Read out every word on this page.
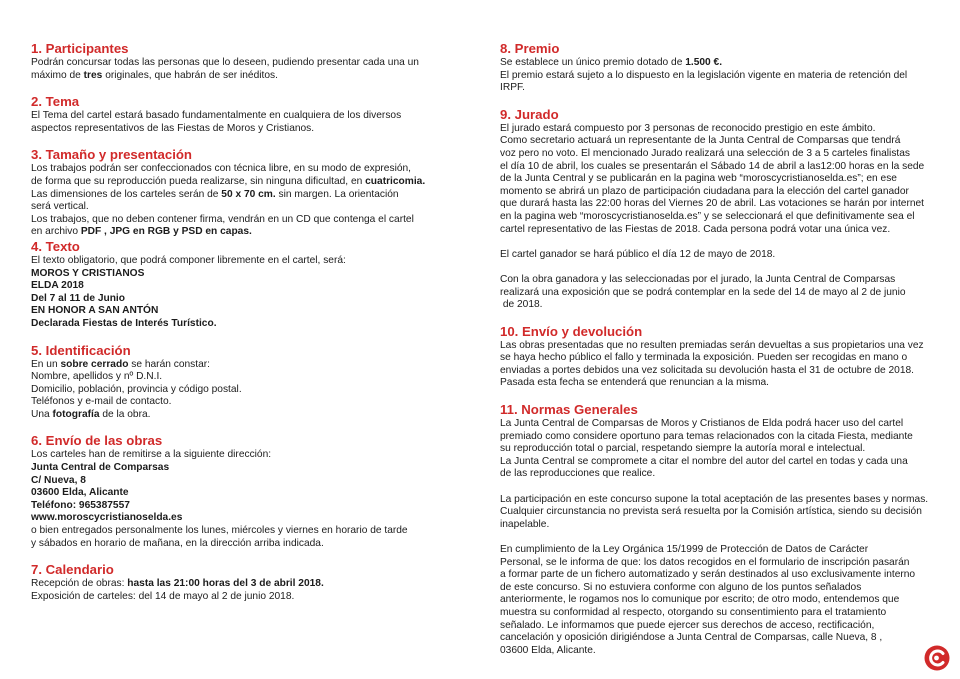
1. Participantes
Podrán concursar todas las personas que lo deseen, pudiendo presentar cada una un
máximo de tres originales, que habrán de ser inéditos.
2. Tema
El Tema del cartel estará basado fundamentalmente en cualquiera de los diversos
aspectos representativos de las Fiestas de Moros y Cristianos.
3. Tamaño y presentación
Los trabajos podrán ser confeccionados con técnica libre, en su modo de expresión,
de forma que su reproducción pueda realizarse, sin ninguna dificultad, en cuatricomia.
Las dimensiones de los carteles serán de 50 x 70 cm. sin margen. La orientación
será vertical.
Los trabajos, que no deben contener firma, vendrán en un CD que contenga el cartel
en archivo PDF , JPG en RGB y PSD en capas.
4. Texto
El texto obligatorio, que podrá componer libremente en el cartel, será:
MOROS Y CRISTIANOS
ELDA 2018
Del 7 al 11 de Junio
EN HONOR A SAN ANTÓN
Declarada Fiestas de Interés Turístico.
5. Identificación
En un sobre cerrado se harán constar:
Nombre, apellidos y nº D.N.I.
Domicilio, población, provincia y código postal.
Teléfonos y e-mail de contacto.
Una fotografía de la obra.
6. Envío de las obras
Los carteles han de remitirse a la siguiente dirección:
Junta Central de Comparsas
C/ Nueva, 8
03600 Elda, Alicante
Teléfono: 965387557
www.moroscycristianoselda.es
o bien entregados personalmente los lunes, miércoles y viernes en horario de tarde
y sábados en horario de mañana, en la dirección arriba indicada.
7. Calendario
Recepción de obras: hasta las 21:00 horas del 3 de abril 2018.
Exposición de carteles: del 14 de mayo al 2 de junio 2018.
8. Premio
Se establece un único premio dotado de 1.500 €.
El premio estará sujeto a lo dispuesto en la legislación vigente en materia de retención del
IRPF.
9. Jurado
El jurado estará compuesto por 3 personas de reconocido prestigio en este ámbito.
Como secretario actuará un representante de la Junta Central de Comparsas que tendrá
voz pero no voto. El mencionado Jurado realizará una selección de 3 a 5 carteles finalistas
el día 10 de abril, los cuales se presentarán el Sábado 14 de abril a las12:00 horas en la sede
de la Junta Central y se publicarán en la pagina web “moroscycristianoselda.es”; en ese
momento se abrirá un plazo de participación ciudadana para la elección del cartel ganador
que durará hasta las 22:00 horas del Viernes 20 de abril. Las votaciones se harán por internet
en la pagina web “moroscycristianoselda.es” y se seleccionará el que definitivamente sea el
cartel representativo de las Fiestas de 2018. Cada persona podrá votar una única vez.
El cartel ganador se hará público el día 12 de mayo de 2018.
Con la obra ganadora y las seleccionadas por el jurado, la Junta Central de Comparsas
realizará una exposición que se podrá contemplar en la sede del 14 de mayo al 2 de junio
de 2018.
10. Envío y devolución
Las obras presentadas que no resulten premiadas serán devueltas a sus propietarios una vez
se haya hecho público el fallo y terminada la exposición. Pueden ser recogidas en mano o
enviadas a portes debidos una vez solicitada su devolución hasta el 31 de octubre de 2018.
Pasada esta fecha se entenderá que renuncian a la misma.
11. Normas Generales
La Junta Central de Comparsas de Moros y Cristianos de Elda podrá hacer uso del cartel
premiado como considere oportuno para temas relacionados con la citada Fiesta, mediante
su reproducción total o parcial, respetando siempre la autoría moral e intelectual.
La Junta Central se compromete a citar el nombre del autor del cartel en todas y cada una
de las reproducciones que realice.
La participación en este concurso supone la total aceptación de las presentes bases y normas.
Cualquier circunstancia no prevista será resuelta por la Comisión artística, siendo su decisión
inapelable.
En cumplimiento de la Ley Orgánica 15/1999 de Protección de Datos de Carácter
Personal, se le informa de que: los datos recogidos en el formulario de inscripción pasarán
a formar parte de un fichero automatizado y serán destinados al uso exclusivamente interno
de este concurso. Si no estuviera conforme con alguno de los puntos señalados
anteriormente, le rogamos nos lo comunique por escrito; de otro modo, entendemos que
muestra su conformidad al respecto, otorgando su consentimiento para el tratamiento
señalado. Le informamos que puede ejercer sus derechos de acceso, rectificación,
cancelación y oposición dirigiéndose a Junta Central de Comparsas, calle Nueva, 8 ,
03600 Elda, Alicante.
